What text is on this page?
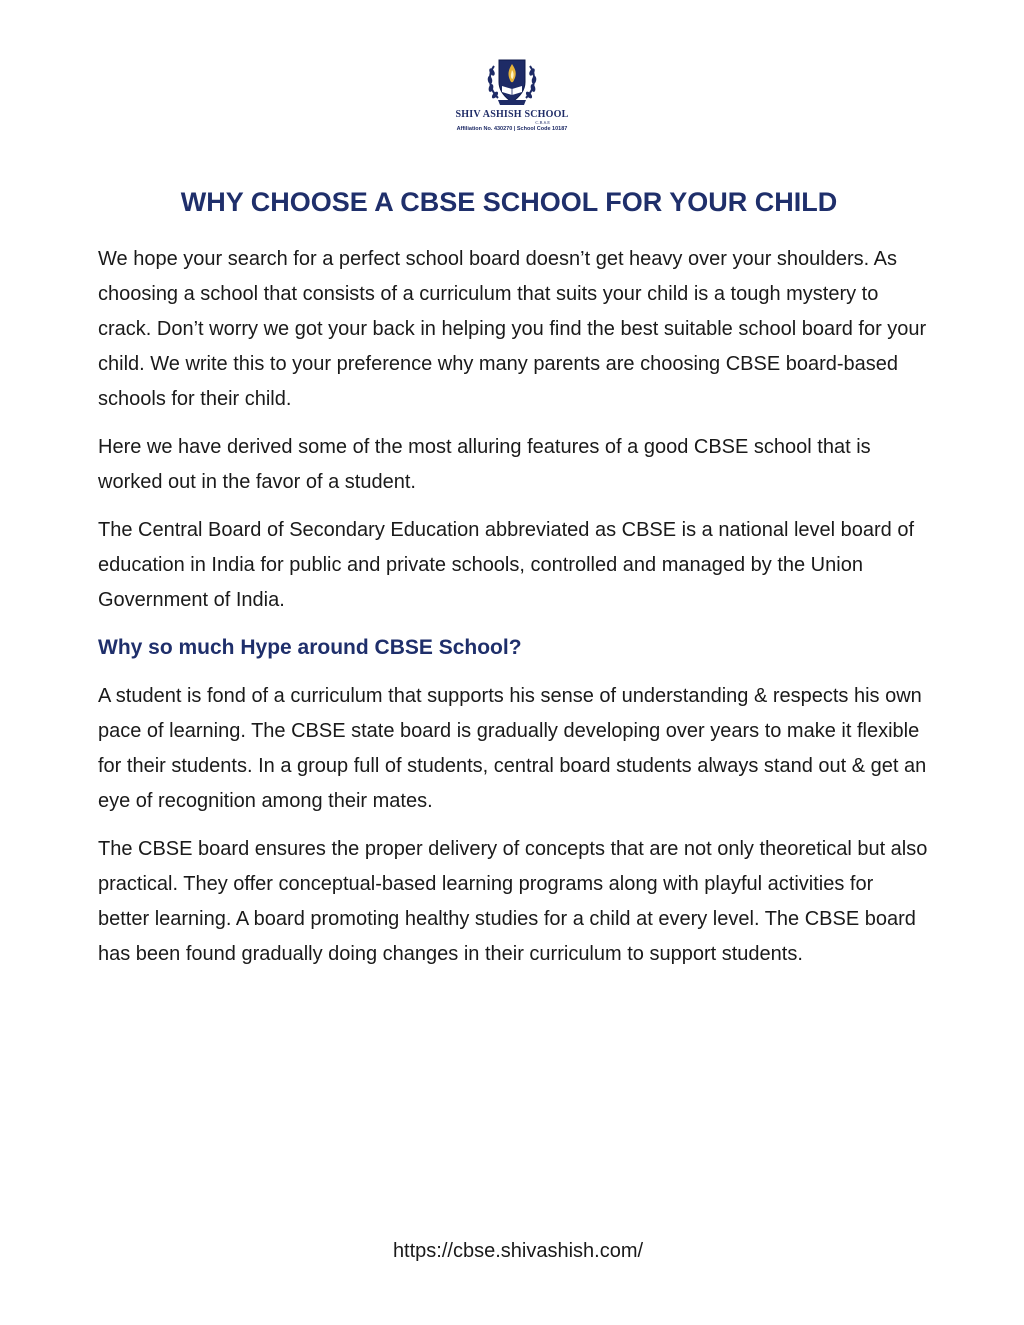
SHIV ASHISH SCHOOL
C.B.S.E
Affiliation No. 430270 | School Code 10187
WHY CHOOSE A CBSE SCHOOL FOR YOUR CHILD

We hope your search for a perfect school board doesn’t get heavy over your shoulders. As choosing a school that consists of a curriculum that suits your child is a tough mystery to crack. Don’t worry we got your back in helping you find the best suitable school board for your child. We write this to your preference why many parents are choosing CBSE board-based schools for their child.

Here we have derived some of the most alluring features of a good CBSE school that is worked out in the favor of a student.

The Central Board of Secondary Education abbreviated as CBSE is a national level board of education in India for public and private schools, controlled and managed by the Union Government of India.

Why so much Hype around CBSE School?

A student is fond of a curriculum that supports his sense of understanding & respects his own pace of learning. The CBSE state board is gradually developing over years to make it flexible for their students. In a group full of students, central board students always stand out & get an eye of recognition among their mates.

The CBSE board ensures the proper delivery of concepts that are not only theoretical but also practical. They offer conceptual-based learning programs along with playful activities for better learning. A board promoting healthy studies for a child at every level. The CBSE board has been found gradually doing changes in their curriculum to support students.

https://cbse.shivashish.com/
